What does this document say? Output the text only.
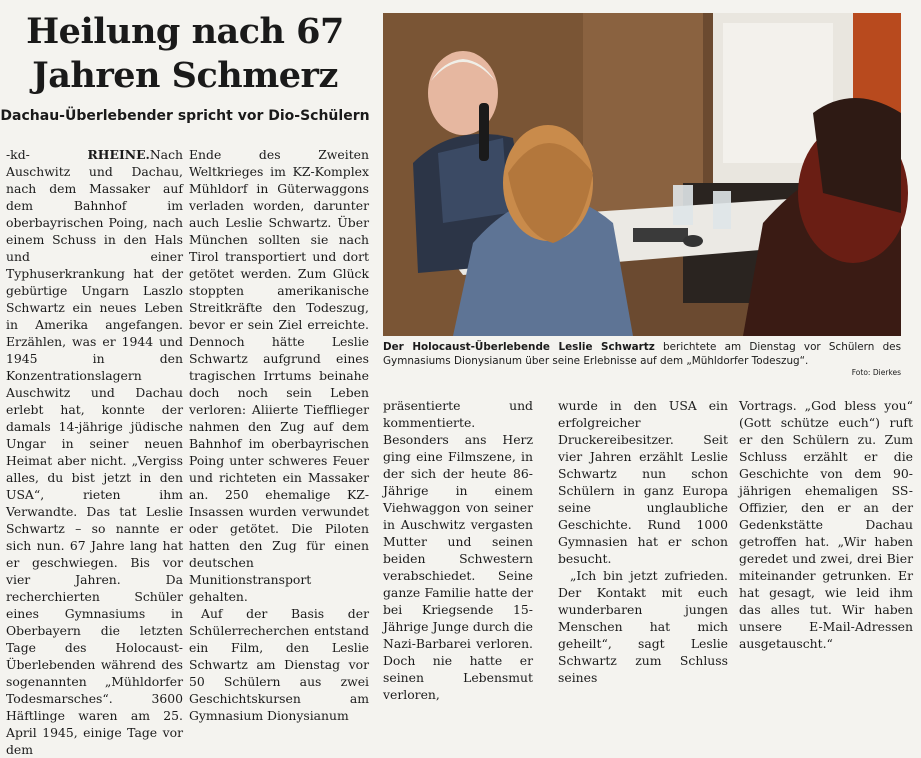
Heilung nach 67
Jahren Schmerz
Dachau-Überlebender spricht vor Dio-Schülern

-kd-	RHEINE.Nach Auschwitz und Dachau, nach dem Massaker auf dem Bahnhof im oberbayrischen Poing, nach einem Schuss in den Hals und einer Typhuserkrankung hat der gebürtige Ungarn Laszlo Schwartz ein neues Leben in Amerika angefangen. Erzählen, was er 1944 und 1945 in den Konzentrationslagern Auschwitz und Dachau erlebt hat, konnte der damals 14-jährige jüdische Ungar in seiner neuen Heimat aber nicht. „Vergiss alles, du bist jetzt in den USA“, rieten ihm Verwandte. Das tat Leslie Schwartz – so nannte er sich nun. 67 Jahre lang hat er geschwiegen. Bis vor vier Jahren. Da recherchierten Schüler eines Gymnasiums in Oberbayern die letzten Tage des Holocaust-Überlebenden während des sogenannten „Mühldorfer Todesmarsches“. 3600 Häftlinge waren am 25. April 1945, einige Tage vor dem

Ende des Zweiten Weltkrieges im KZ-Komplex Mühldorf in Güterwaggons verladen worden, darunter auch Leslie Schwartz. Über München sollten sie nach Tirol transportiert und dort getötet werden. Zum Glück stoppten amerikanische Streitkräfte den Todeszug, bevor er sein Ziel erreichte. Dennoch hätte Leslie Schwartz aufgrund eines tragischen Irrtums beinahe doch noch sein Leben verloren: Aliierte Tiefflieger nahmen den Zug auf dem Bahnhof im oberbayrischen Poing unter schweres Feuer und richteten ein Massaker an. 250 ehemalige KZ-Insassen wurden verwundet oder getötet. Die Piloten hatten den Zug für einen deutschen Munitionstransport gehalten.

Auf der Basis der Schülerrecherchen entstand ein Film, den Leslie Schwartz am Dienstag vor 50 Schülern aus zwei Geschichtskursen am Gymnasium Dionysianum

Der Holocaust-Überlebende Leslie Schwartz berichtete am Dienstag vor Schülern des Gymnasiums Dionysianum über seine Erlebnisse auf dem „Mühldorfer Todeszug“.
Foto: Dierkes

präsentierte und kommentierte. Besonders ans Herz ging eine Filmszene, in der sich der heute 86-Jährige in einem Viehwaggon von seiner in Auschwitz vergasten Mutter und seinen beiden Schwestern verabschiedet. Seine ganze Familie hatte der bei Kriegsende 15-Jährige Junge durch die Nazi-Barbarei verloren. Doch nie hatte er seinen Lebensmut verloren,

wurde in den USA ein erfolgreicher Druckereibesitzer. Seit vier Jahren erzählt Leslie Schwartz nun schon Schülern in ganz Europa seine unglaubliche Geschichte. Rund 1000 Gymnasien hat er schon besucht.

„Ich bin jetzt zufrieden. Der Kontakt mit euch wunderbaren jungen Menschen hat mich geheilt“, sagt Leslie Schwartz zum Schluss seines

Vortrags. „God bless you“ (Gott schütze euch“) ruft er den Schülern zu. Zum Schluss erzählt er die Geschichte von dem 90-jährigen ehemaligen SS-Offizier, den er an der Gedenkstätte Dachau getroffen hat. „Wir haben geredet und zwei, drei Bier miteinander getrunken. Er hat gesagt, wie leid ihm das alles tut. Wir haben unsere E-Mail-Adressen ausgetauscht.“
